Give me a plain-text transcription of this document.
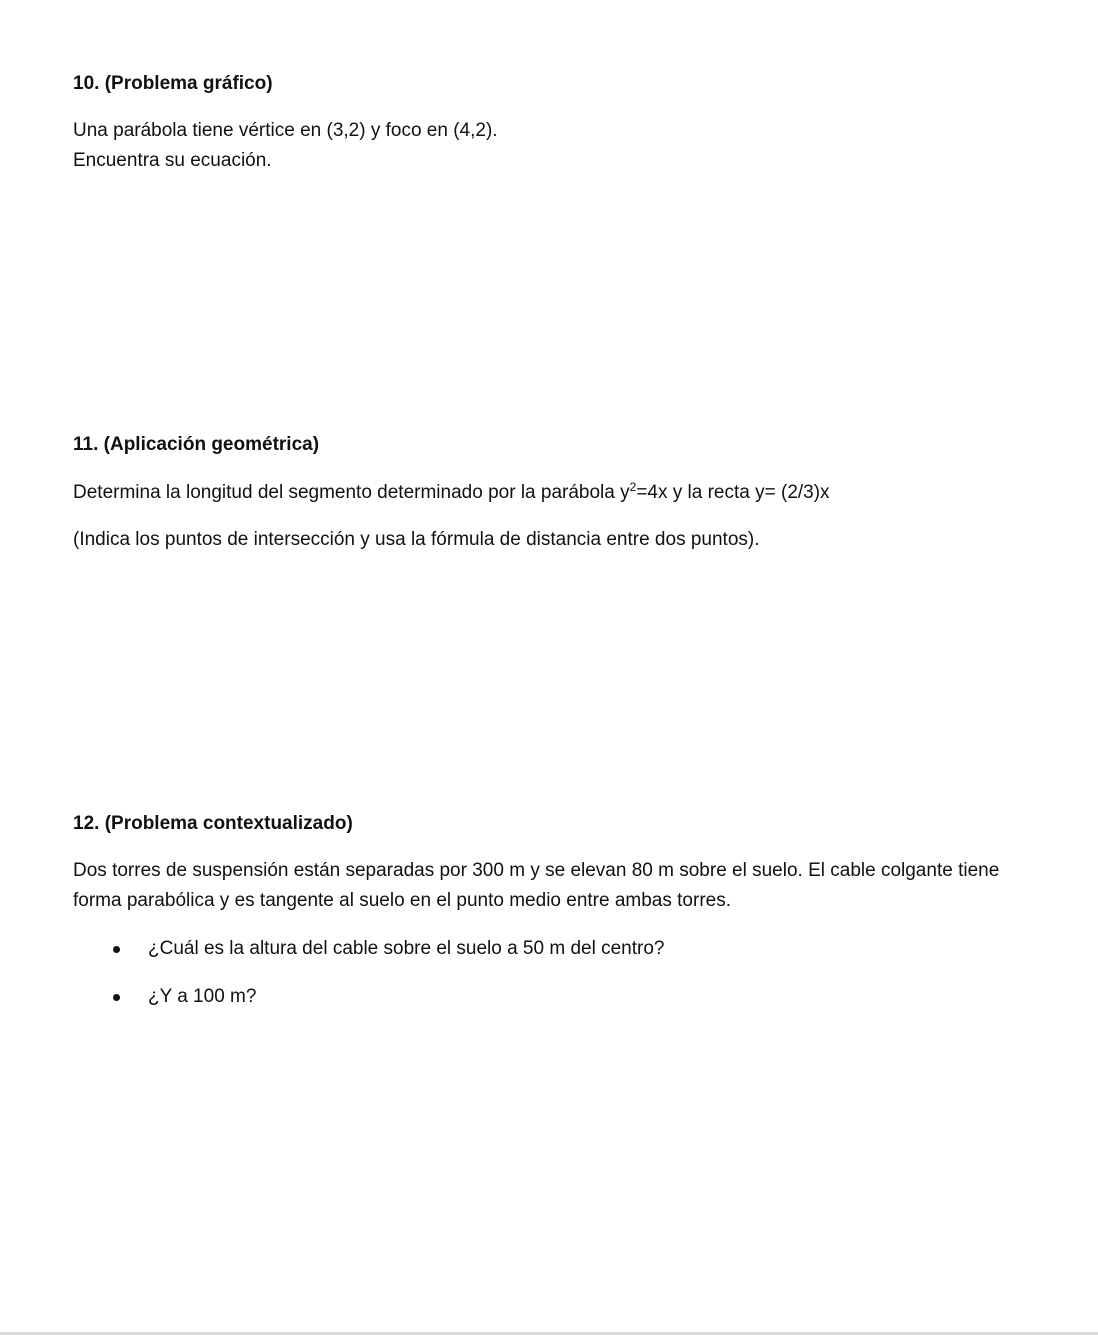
10. (Problema gráfico)
Una parábola tiene vértice en (3,2) y foco en (4,2).
Encuentra su ecuación.
11. (Aplicación geométrica)
Determina la longitud del segmento determinado por la parábola $y^2=4x$ y la recta y= (2/3)x
(Indica los puntos de intersección y usa la fórmula de distancia entre dos puntos).
12. (Problema contextualizado)
Dos torres de suspensión están separadas por 300 m y se elevan 80 m sobre el suelo. El cable colgante tiene forma parabólica y es tangente al suelo en el punto medio entre ambas torres.
¿Cuál es la altura del cable sobre el suelo a 50 m del centro?
¿Y a 100 m?
